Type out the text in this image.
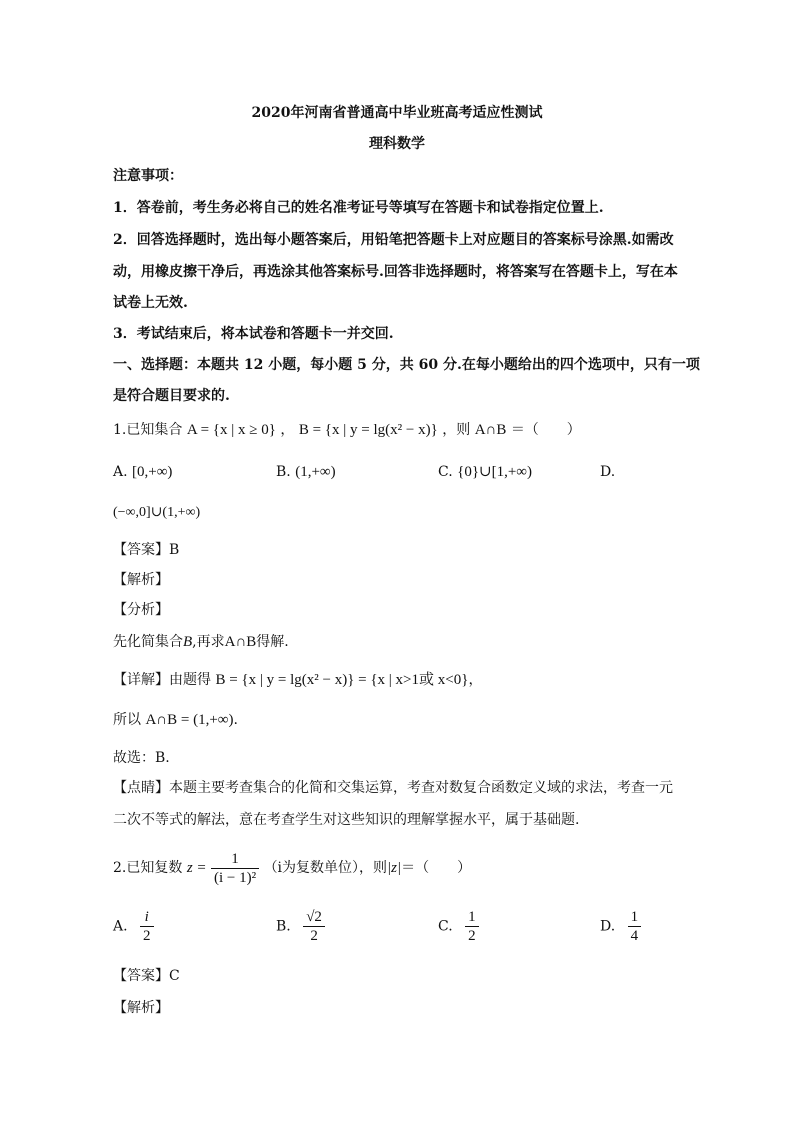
2020年河南省普通高中毕业班高考适应性测试
理科数学
注意事项：
1．答卷前，考生务必将自己的姓名准考证号等填写在答题卡和试卷指定位置上.
2．回答选择题时，选出每小题答案后，用铅笔把答题卡上对应题目的答案标号涂黑.如需改
动，用橡皮擦干净后，再选涂其他答案标号.回答非选择题时，将答案写在答题卡上，写在本
试卷上无效.
3．考试结束后，将本试卷和答题卡一并交回.
一、选择题：本题共 12 小题，每小题 5 分，共 60 分.在每小题给出的四个选项中，只有一项
是符合题目要求的.
1.已知集合 A = {x | x ≥ 0} ， B = {x | y = lg(x² − x)} ，则 A∩B ＝（　　）
A. [0,+∞)	B. (1,+∞)	C. {0}∪[1,+∞)	D.
(−∞,0]∪(1,+∞)
【答案】B
【解析】
【分析】
先化简集合B,再求A∩B得解.
【详解】由题得 B = {x | y = lg(x² − x)} = {x | x>1或 x<0}，
所以 A∩B = (1,+∞).
故选：B.
【点睛】本题主要考查集合的化简和交集运算，考查对数复合函数定义域的求法，考查一元
二次不等式的解法，意在考查学生对这些知识的理解掌握水平，属于基础题.
2.已知复数 $z = \frac{1}{\text{(i − 1)²}} (i$为复数单位），则|z|＝（　　）
A. $\frac{i}{2}$	B. $\frac{√2}{2}$	C. $\frac{1}{2}$	D. $\frac{1}{4}$
【答案】C
【解析】
